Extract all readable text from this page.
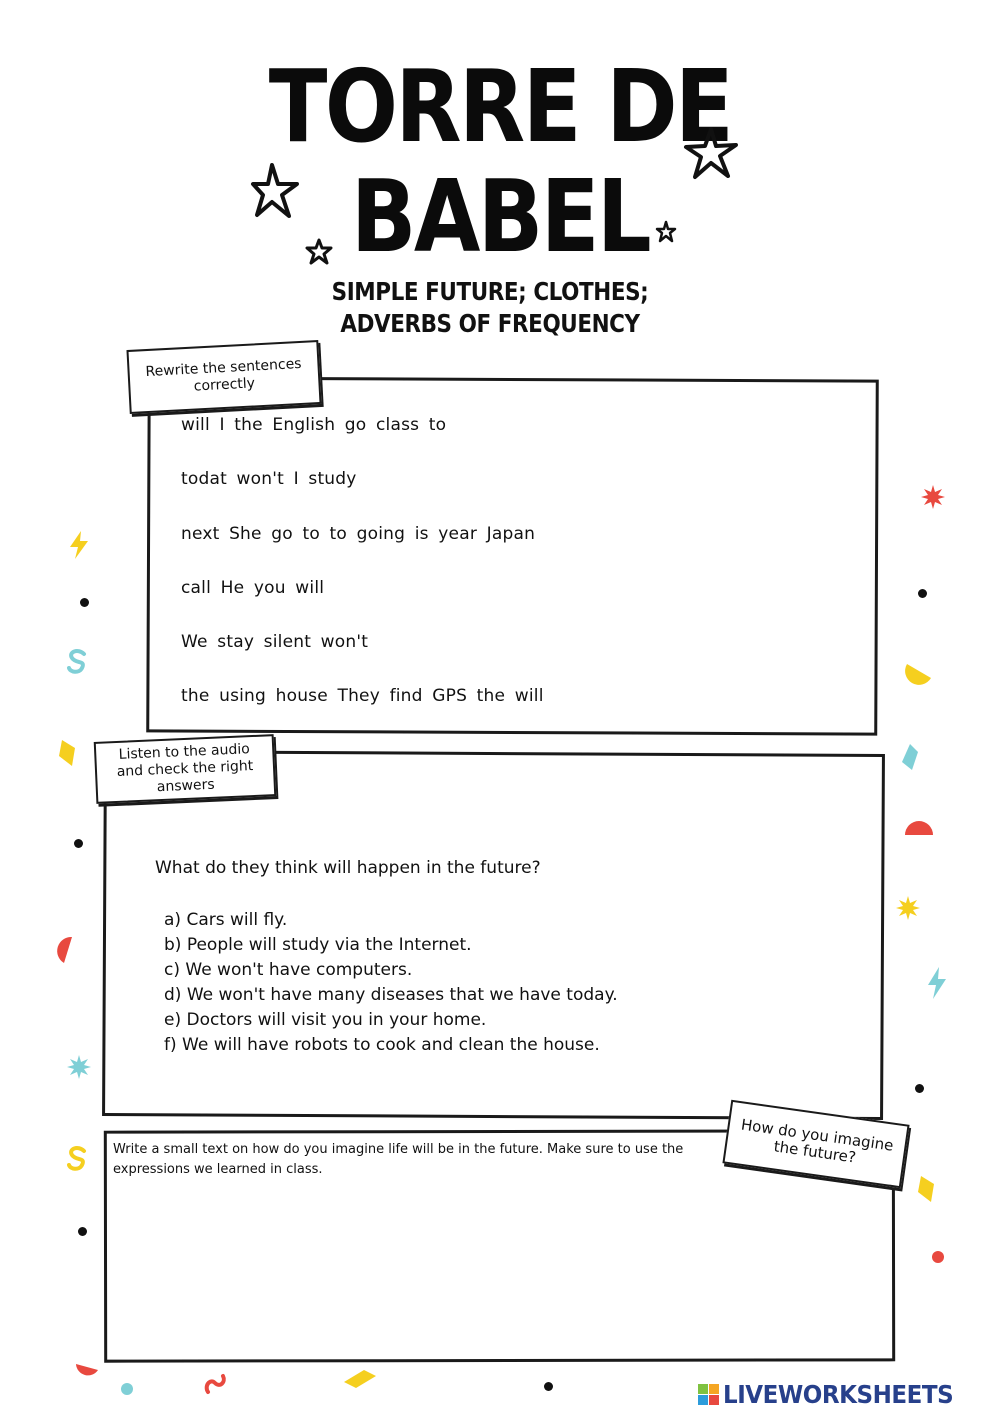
TORRE DE
BABEL
SIMPLE FUTURE; CLOTHES; ADVERBS OF FREQUENCY
Rewrite the sentences correctly
will I the English go class to
todat won't I study
next She go to to going is year Japan
call He you will
We stay silent won't
the using house They find GPS the will
Listen to the audio and check the right answers
What do they think will happen in the future?
a) Cars will fly.
b) People will study via the Internet.
c) We won't have computers.
d) We won't have many diseases that we have today.
e) Doctors will visit you in your home.
f) We will have robots to cook and clean the house.
Write a small text on how do you imagine life will be in the future. Make sure to use the expressions we learned in class.
How do you imagine the future?
LIVEWORKSHEETS
